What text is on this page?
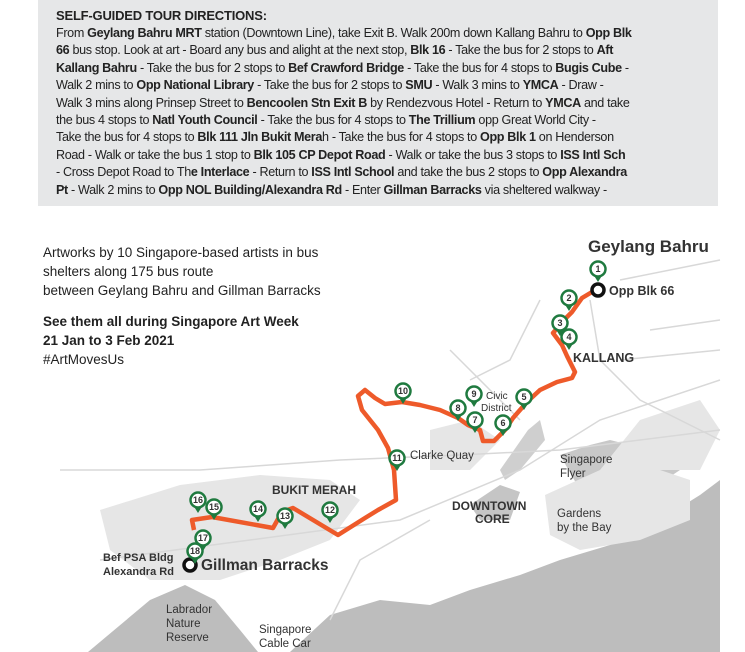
SELF-GUIDED TOUR DIRECTIONS:
From Geylang Bahru MRT station (Downtown Line), take Exit B. Walk 200m down Kallang Bahru to Opp Blk
66 bus stop. Look at art - Board any bus and alight at the next stop, Blk 16 - Take the bus for 2 stops to Aft
Kallang Bahru - Take the bus for 2 stops to Bef Crawford Bridge - Take the bus for 4 stops to Bugis Cube -
Walk 2 mins to Opp National Library - Take the bus for 2 stops to SMU - Walk 3 mins to YMCA - Draw -
Walk 3 mins along Prinsep Street to Bencoolen Stn Exit B by Rendezvous Hotel - Return to YMCA and take
the bus 4 stops to Natl Youth Council - Take the bus for 4 stops to The Trillium opp Great World City -
Take the bus for 4 stops to Blk 111 Jln Bukit Merah - Take the bus for 4 stops to Opp Blk 1 on Henderson
Road - Walk or take the bus 1 stop to Blk 105 CP Depot Road - Walk or take the bus 3 stops to ISS Intl Sch
- Cross Depot Road to The Interlace - Return to ISS Intl School and take the bus 2 stops to Opp Alexandra
Pt - Walk 2 mins to Opp NOL Building/Alexandra Rd - Enter Gillman Barracks via sheltered walkway -
1
2
3
4
5
6
7
8
9
10
11
12
13
14
15
16
17
18
Geylang Bahru
Opp Blk 66
Gillman Barracks
Bef PSA Bldg
Alexandra Rd
KALLANG
Civic
District
Clarke Quay
BUKIT MERAH
DOWNTOWN
CORE
Singapore
Flyer
Gardens
by the Bay
Labrador
Nature
Reserve
Singapore
Cable Car
Artworks by 10 Singapore-based artists in bus
shelters along 175 bus route
between Geylang Bahru and Gillman Barracks
See them all during Singapore Art Week
21 Jan to 3 Feb 2021
#ArtMovesUs
